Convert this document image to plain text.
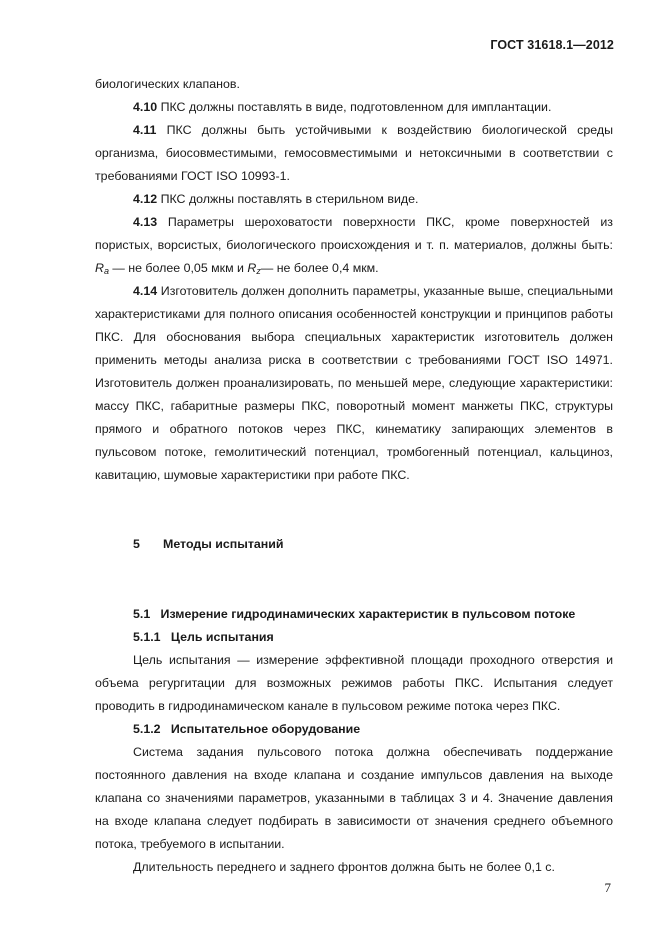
ГОСТ 31618.1—2012

биологических клапанов.

4.10 ПКС должны поставлять в виде, подготовленном для имплантации.

4.11 ПКС должны быть устойчивыми к воздействию биологической среды организма, биосовместимыми, гемосовместимыми и нетоксичными в соответствии с требованиями ГОСТ ISO 10993-1.

4.12 ПКС должны поставлять в стерильном виде.

4.13 Параметры шероховатости поверхности ПКС, кроме поверхностей из пористых, ворсистых, биологического происхождения и т. п. материалов, должны быть: $R_a$ — не более 0,05 мкм и $R_z—$ не более 0,4 мкм.

4.14 Изготовитель должен дополнить параметры, указанные выше, специальными характеристиками для полного описания особенностей конструкции и принципов работы ПКС. Для обоснования выбора специальных характеристик изготовитель должен применить методы анализа риска в соответствии с требованиями ГОСТ ISO 14971. Изготовитель должен проанализировать, по меньшей мере, следующие характеристики: массу ПКС, габаритные размеры ПКС, поворотный момент манжеты ПКС, структуры прямого и обратного потоков через ПКС, кинематику запирающих элементов в пульсовом потоке, гемолитический потенциал, тромбогенный потенциал, кальциноз, кавитацию, шумовые характеристики при работе ПКС.

5 Методы испытаний

5.1   Измерение гидродинамических характеристик в пульсовом потоке

5.1.1   Цель испытания

Цель испытания — измерение эффективной площади проходного отверстия и объема регургитации для возможных режимов работы ПКС. Испытания следует проводить в гидродинамическом канале в пульсовом режиме потока через ПКС.

5.1.2   Испытательное оборудование

Система задания пульсового потока должна обеспечивать поддержание постоянного давления на входе клапана и создание импульсов давления на выходе клапана со значениями параметров, указанными в таблицах 3 и 4. Значение давления на входе клапана следует подбирать в зависимости от значения среднего объемного потока, требуемого в испытании.

Длительность переднего и заднего фронтов должна быть не более 0,1 с.

7
